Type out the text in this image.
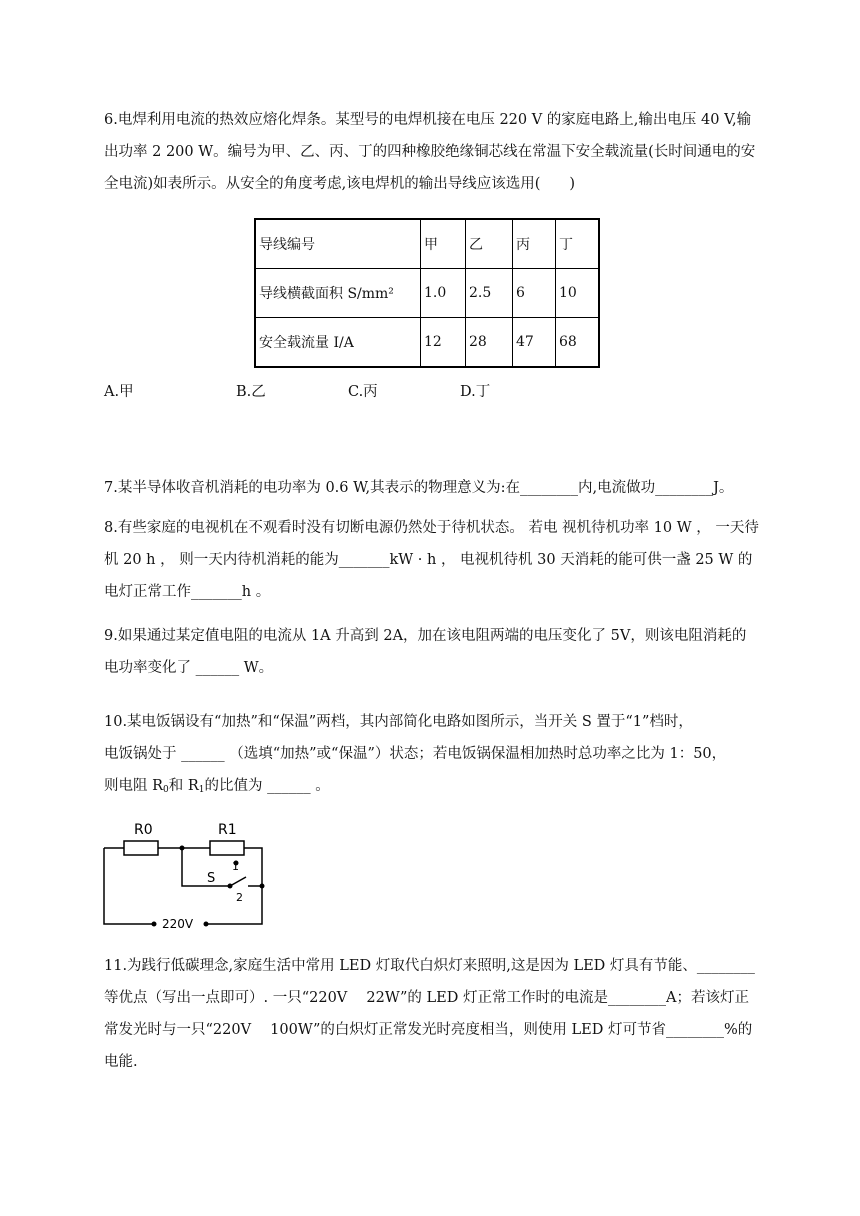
6.电焊利用电流的热效应熔化焊条。某型号的电焊机接在电压 220 V 的家庭电路上,输出电压 40 V,输出功率 2 200 W。编号为甲、乙、丙、丁的四种橡胶绝缘铜芯线在常温下安全载流量(长时间通电的安全电流)如表所示。从安全的角度考虑,该电焊机的输出导线应该选用(　　)

导线编号	甲	乙	丙	丁
导线横截面积 S/mm²	1.0	2.5	6	10
安全载流量 I/A	12	28	47	68
A.甲	B.乙	C.丙	D.丁

7.某半导体收音机消耗的电功率为 0.6 W,其表示的物理意义为:在________内,电流做功________J。

8.有些家庭的电视机在不观看时没有切断电源仍然处于待机状态。 若电 视机待机功率 10 W ， 一天待机 20 h ， 则一天内待机消耗的能为_______kW · h ， 电视机待机 30 天消耗的能可供一盏 25 W 的电灯正常工作_______h 。

9.如果通过某定值电阻的电流从 1A 升高到 2A，加在该电阻两端的电压变化了 5V，则该电阻消耗的电功率变化了 ______ W。

10.某电饭锅设有“加热”和“保温”两档，其内部简化电路如图所示，当开关 S 置于“1”档时，

电饭锅处于 ______ （选填“加热”或“保温”）状态；若电饭锅保温相加热时总功率之比为 1：50，

则电阻 $R_0$和 $R_1$的比值为 ______ 。

R0	R1
S
1
2
220V

11.为践行低碳理念,家庭生活中常用 LED 灯取代白炽灯来照明,这是因为 LED 灯具有节能、________等优点（写出一点即可）. 一只“220V　 22W”的 LED 灯正常工作时的电流是________A；若该灯正常发光时与一只“220V　 100W”的白炽灯正常发光时亮度相当，则使用 LED 灯可节省________%的电能.
